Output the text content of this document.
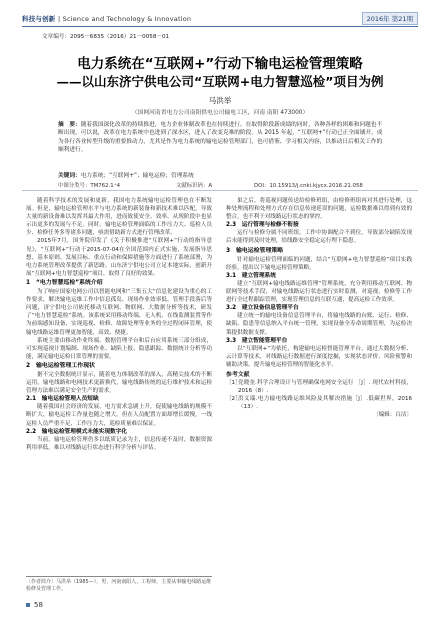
科技与创新 | Science and Technology & Innovation	2016年 第21期
文章编号：2095－6835（2016）21－0058－01
电力系统在“互联网+”行动下输电运检管理策略
——以山东济宁供电公司“互联网+电力智慧巡检”项目为例
马洪举
（国网河南省电力公司南阳供电公司输电工区，河南 南阳 473000）
摘　要：随着我国深化改革的持续推进，电力企业体制改革也在持续进行。在取得阶段新成绩的同时，各种各样的困难和问题也不断出现。可以说，改革在电力系统中也进到了深水区，进入了改变克难的阶段。从 2015 年起，“互联网+”行动已正全面铺开，成为各行各业转型升级的重要推动力，尤其是作为电力系统的输电运检管理部门，也可借鉴、学习相关内容，以推动日后相关工作的顺利进行。
关键词：电力系统；“互联网+”；输电运检；管理系统
中图分类号：TM762.1⁺4	文献标识码：A	DOI：10.15913/j.cnki.kjycx.2016.21.058

随着科学技术的发展和更新，我国电力系统输电运检管理也在不断发展。但是，输电运检管理水平与电力系统的新装备和新技术难以匹配，导致大量的新设备难以发挥其最大作用，进而致使安全、效率、从现阶段中也显示出更多的发展与不足。同时，输电运检管理面临的工作压力大、巡检人员少、检修任务多等诸多问题，亟需借助新方式进行管理改革。

2015年7月，国务院印发了《关于积极推进“互联网+”行动的指导意见》，“互联网+”行动于2015-07-04在全国范围内正式实施，发展指导思想、基本原则、发展目标、重点行动和保障措施等方面进行了系统部署，为电力系统管理改革提供了新思路。山东济宁供电公司立足本地实际，创新开展“互联网+电力智慧巡检”项目，取得了良好的效果。

1　“电力智慧巡检”系统介绍

为了响应国家电网公司以智能电网和“三集五大”信息化建设为重心的工作要求，解决输电运维工作中信息孤岛、现场作业效率低、管理手段落后等问题，济宁供电公司依托移动互联网、物联网、大数据分析等技术，研发了“电力智慧巡检”系统。该系统采用移动终端、无人机、在线监测装置等作为前端感知设备，实现巡视、检修、故障处理等业务的全过程闭环管理，使输电线路运维管理更加智能、高效、便捷。

系统主要由移动作业终端、数据管理平台和后台应用系统三部分组成，可实现巡视计划编制、现场作业、缺陷上报、隐患跟踪、数据统计分析等功能，满足输电运检日常管理的需要。

2　输电运检管理工作现状

据不完全数据统计显示，随着电力体制改革的深入，高精尖技术的不断运用，输电线路和电网技术更新换代，输电线路传统的运行维护技术和运检管理方法难以满足安全生产的需求。

2.1　输电运检管理人员短缺

随着我国社会经济的发展，电力需求急剧上升，促使输电线路的规模不断扩大，输电运检工作量也随之增大。但在人员配置方面却增长缓慢，一线运检人员严重不足，工作压力大，巡检质量难以保证。

2.2　输电运检管理模式未能实现数字化

当前，输电运检管理仍多以纸质记录为主，信息传递不及时，数据资源利用率低，难以对线路运行状态进行科学分析与评估。

果之后，将巡视问题传送给检修班组，由检修班组再对其进行处理，这种处理流程和处理方式存在信息传递延误的问题，运检数据难以得到有效的整合，也不利于对线路运行状态的掌控。

2.3　运行管理与检修不衔接

运行与检修分属不同班组，工作中协调配合不到位，导致部分缺陷发现后未能得到及时处理，给线路安全稳定运行埋下隐患。

3　输电运检管理策略

针对输电运检管理面临的问题，结合“互联网+电力智慧巡检”项目实践经验，提出以下输电运检管理策略。

3.1　建立管理系统

建立“互联网+输电线路运维管理”管理系统，充分利用移动互联网、物联网等技术手段，对输电线路运行状态进行实时监测，对巡视、检修等工作进行全过程跟踪管理，实现管理信息的互联互通，提高运检工作效率。

3.2　建立设备信息管理平台

建立统一的输电设备信息管理平台，将输电线路的台账、运行、检修、缺陷、隐患等信息纳入平台统一管理，实现设备全寿命周期管理，为运检决策提供数据支撑。

3.3　建立智能管理平台

以“互联网+”为依托，构建输电运检智能管理平台，通过大数据分析、云计算等技术，对线路运行数据进行深度挖掘，实现状态评价、风险预警和辅助决策，提升输电运检管理的智能化水平。

参考文献

［1］
党晓奎.科学合理设计与管理确保电网安全运行 ［J］. 现代农村科技，2016（8）.

［2］
洪义瑞.电力输电线路运维风险及其解决措施［J］.低碳世界，2016（13）.

〔编辑：白洁〕

〔作者简介〕马洪举（1985—），男，河南南阳人，工程师，主要从事输电线路运维检修及管理工作。
58
